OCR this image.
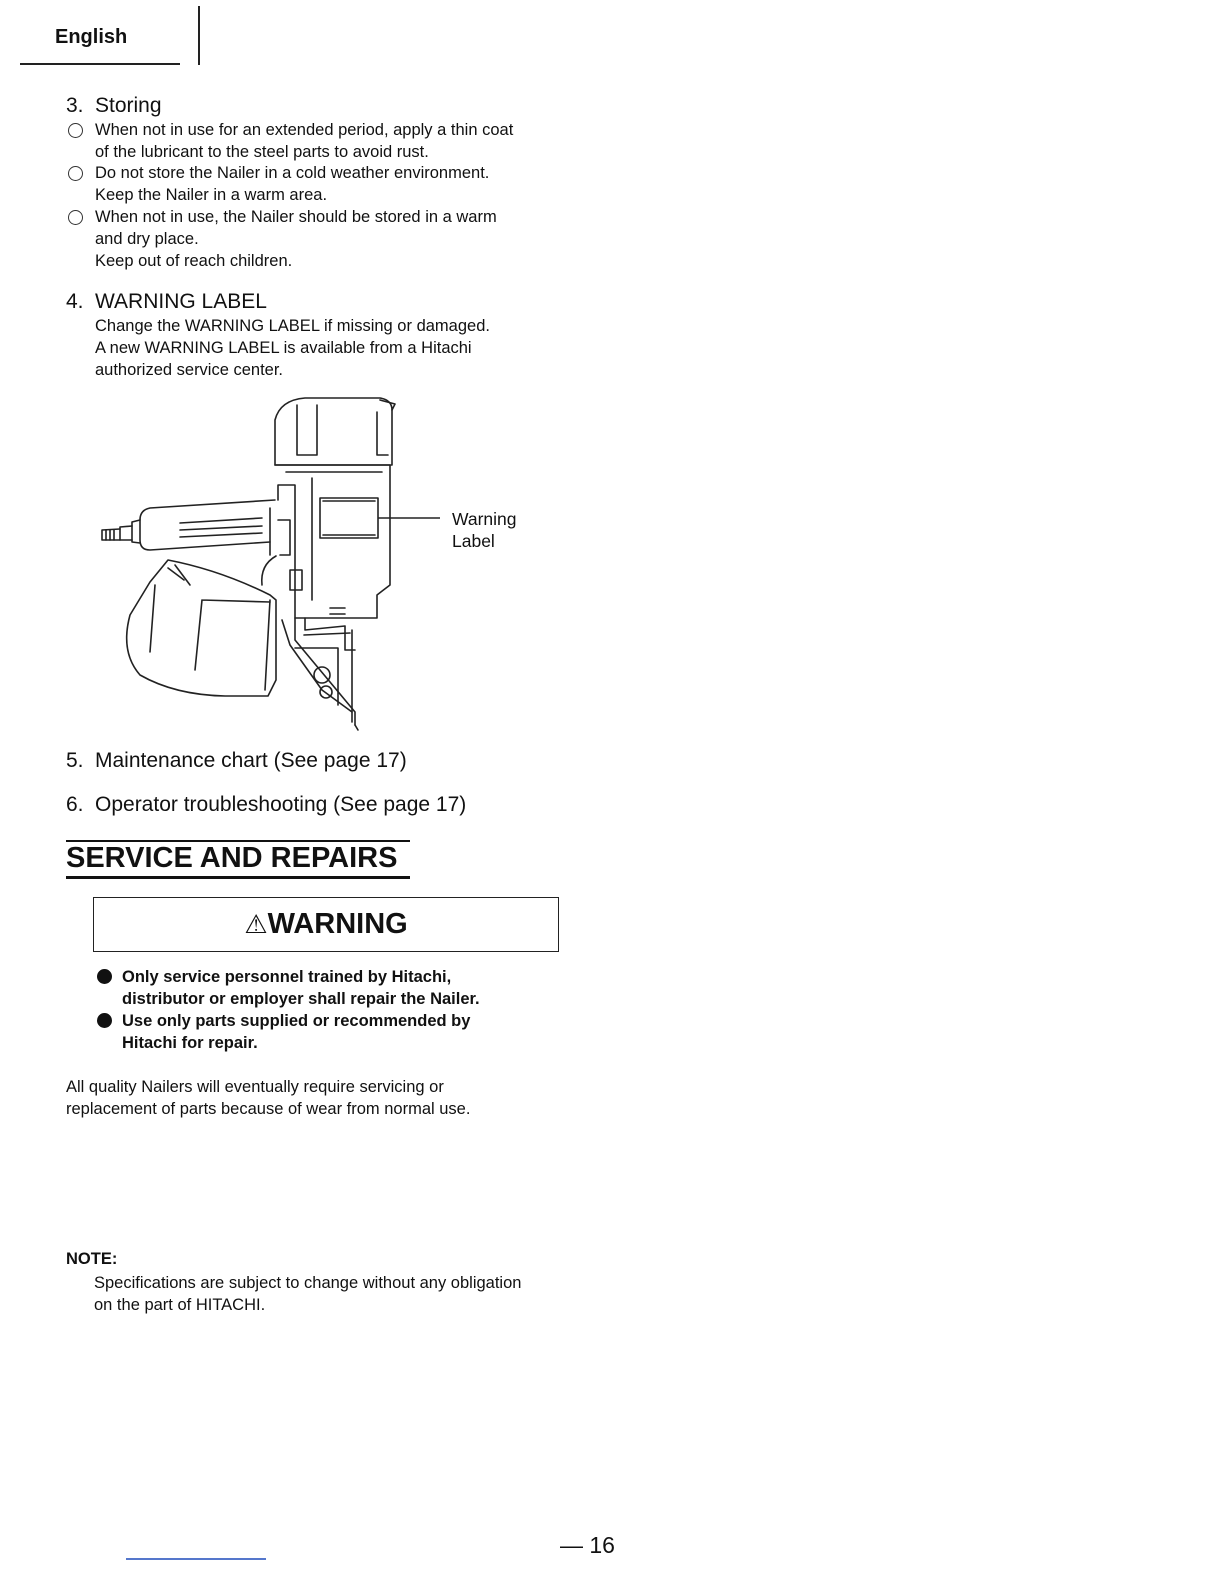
English
3. Storing
When not in use for an extended period, apply a thin coat
of the lubricant to the steel parts to avoid rust.
Do not store the Nailer in a cold weather environment.
Keep the Nailer in a warm area.
When not in use, the Nailer should be stored in a warm
and dry place.
Keep out of reach children.
4. WARNING LABEL
Change the WARNING LABEL if missing or damaged.
A new WARNING LABEL is available from a Hitachi
authorized service center.
Warning
Label
5. Maintenance chart (See page 17)
6. Operator troubleshooting (See page 17)
SERVICE AND REPAIRS
⚠WARNING
Only service personnel trained by Hitachi,
distributor or employer shall repair the Nailer.
Use only parts supplied or recommended by
Hitachi for repair.
All quality Nailers will eventually require servicing or
replacement of parts because of wear from normal use.
NOTE:
Specifications are subject to change without any obligation
on the part of HITACHI.
— 16
